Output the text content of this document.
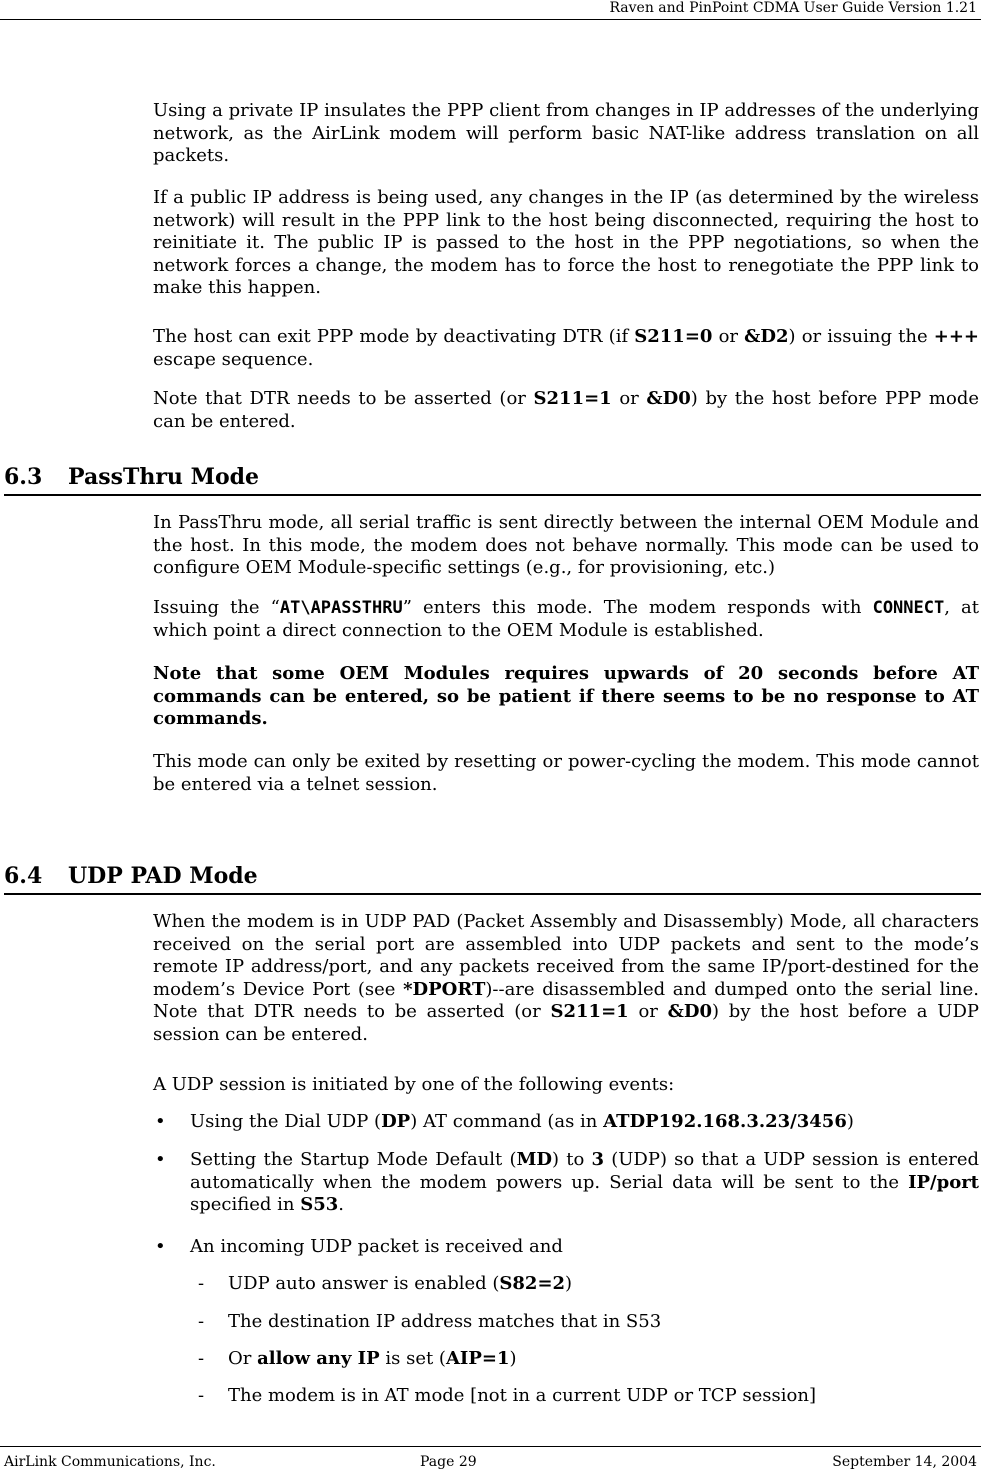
Raven and PinPoint CDMA User Guide Version 1.21

Using a private IP insulates the PPP client from changes in IP addresses of the underlying network, as the AirLink modem will perform basic NAT-like address translation on all packets.

If a public IP address is being used, any changes in the IP (as determined by the wireless network) will result in the PPP link to the host being disconnected, requiring the host to reinitiate it. The public IP is passed to the host in the PPP negotiations, so when the network forces a change, the modem has to force the host to renegotiate the PPP link to make this happen.

The host can exit PPP mode by deactivating DTR (if S211=0 or &D2) or issuing the +++ escape sequence.

Note that DTR needs to be asserted (or S211=1 or &D0) by the host before PPP mode can be entered.

6.3 PassThru Mode

In PassThru mode, all serial traffic is sent directly between the internal OEM Module and the host. In this mode, the modem does not behave normally. This mode can be used to configure OEM Module-specific settings (e.g., for provisioning, etc.)

Issuing the “AT\APASSTHRU” enters this mode. The modem responds with CONNECT, at which point a direct connection to the OEM Module is established.

Note that some OEM Modules requires upwards of 20 seconds before AT commands can be entered, so be patient if there seems to be no response to AT commands.

This mode can only be exited by resetting or power-cycling the modem. This mode cannot be entered via a telnet session.

6.4 UDP PAD Mode

When the modem is in UDP PAD (Packet Assembly and Disassembly) Mode, all characters received on the serial port are assembled into UDP packets and sent to the mode’s remote IP address/port, and any packets received from the same IP/port-destined for the modem’s Device Port (see *DPORT)--are disassembled and dumped onto the serial line. Note that DTR needs to be asserted (or S211=1 or &D0) by the host before a UDP session can be entered.

A UDP session is initiated by one of the following events:

• Using the Dial UDP (DP) AT command (as in ATDP192.168.3.23/3456)
• Setting the Startup Mode Default (MD) to 3 (UDP) so that a UDP session is entered automatically when the modem powers up. Serial data will be sent to the IP/port specified in S53.
• An incoming UDP packet is received and
- UDP auto answer is enabled (S82=2)
- The destination IP address matches that in S53
- Or allow any IP is set (AIP=1)
- The modem is in AT mode [not in a current UDP or TCP session]
AirLink Communications, Inc.	Page 29	September 14, 2004
